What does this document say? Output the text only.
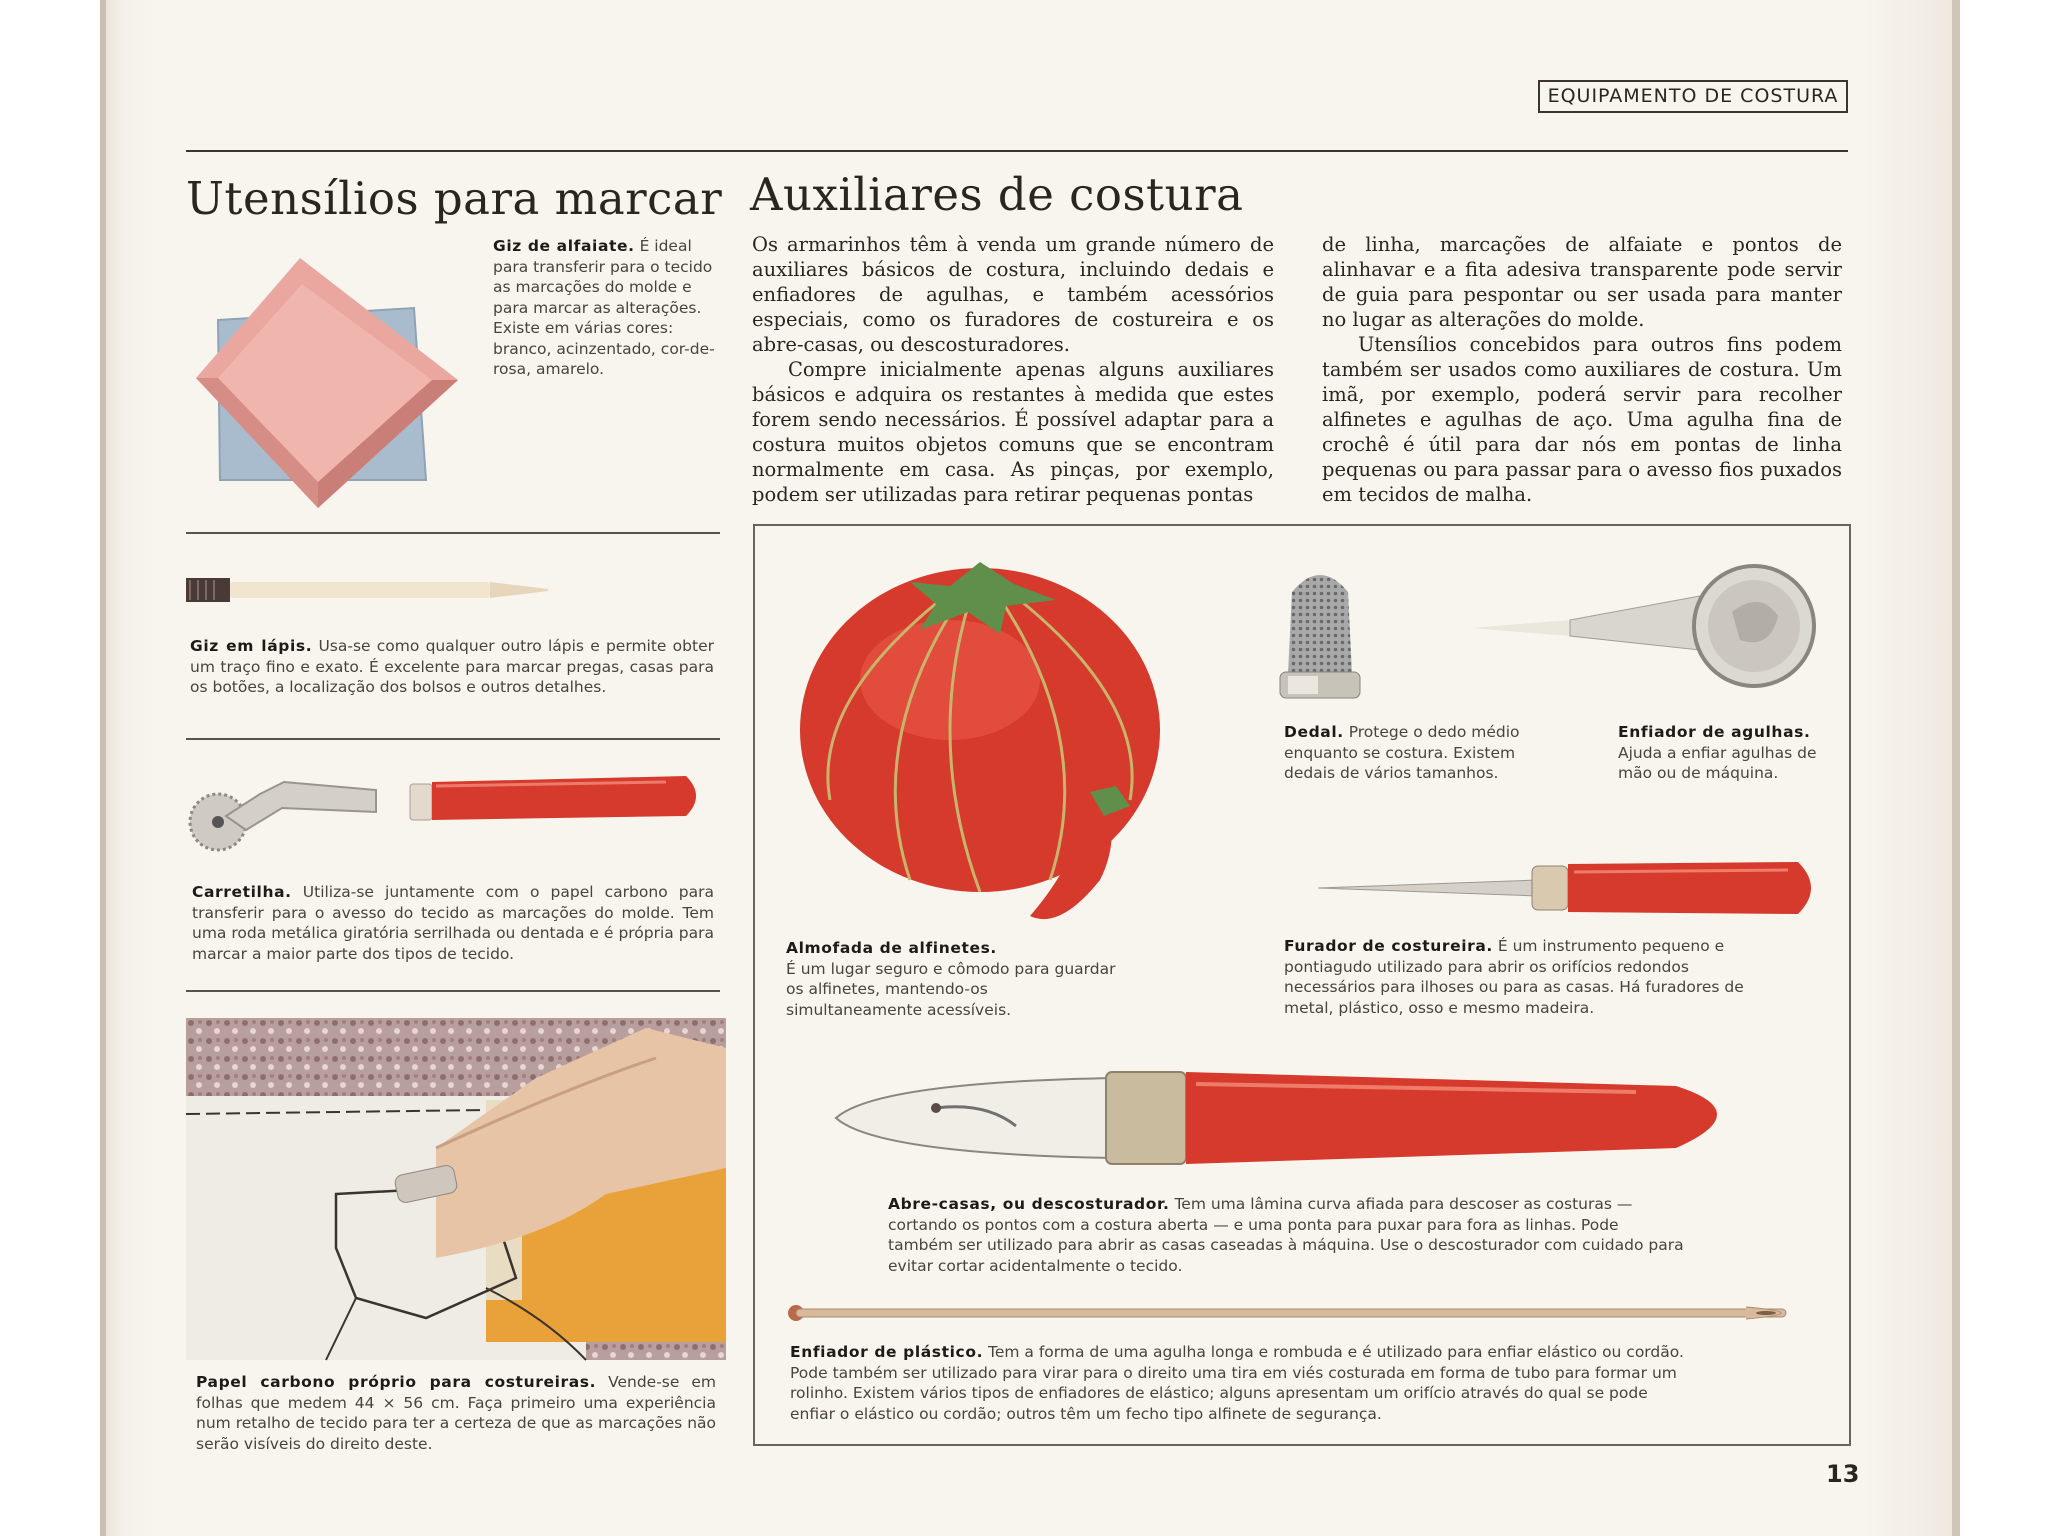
EQUIPAMENTO DE COSTURA
Utensílios para marcar Auxiliares de costura
Giz de alfaiate. É ideal para transferir para o tecido as marcações do molde e para marcar as alterações. Existe em várias cores: branco, acinzentado, cor-de-rosa, amarelo.
Giz em lápis. Usa-se como qualquer outro lápis e permite obter um traço fino e exato. É excelente para marcar pregas, casas para os botões, a localização dos bolsos e outros detalhes.
Carretilha. Utiliza-se juntamente com o papel carbono para transferir para o avesso do tecido as marcações do molde. Tem uma roda metálica giratória serrilhada ou dentada e é própria para marcar a maior parte dos tipos de tecido.
Papel carbono próprio para costureiras. Vende-se em folhas que medem 44 × 56 cm. Faça primeiro uma experiência num retalho de tecido para ter a certeza de que as marcações não serão visíveis do direito deste.

Os armarinhos têm à venda um grande número de auxiliares básicos de costura, incluindo dedais e enfiadores de agulhas, e também acessórios especiais, como os furadores de costureira e os abre-casas, ou descosturadores.

Compre inicialmente apenas alguns auxiliares básicos e adquira os restantes à medida que estes forem sendo necessários. É possível adaptar para a costura muitos objetos comuns que se encontram normalmente em casa. As pinças, por exemplo, podem ser utilizadas para retirar pequenas pontas

de linha, marcações de alfaiate e pontos de alinhavar e a fita adesiva transparente pode servir de guia para pespontar ou ser usada para manter no lugar as alterações do molde.

Utensílios concebidos para outros fins podem também ser usados como auxiliares de costura. Um imã, por exemplo, poderá servir para recolher alfinetes e agulhas de aço. Uma agulha fina de crochê é útil para dar nós em pontas de linha pequenas ou para passar para o avesso fios puxados em tecidos de malha.

Almofada de alfinetes.
É um lugar seguro e cômodo para guardar os alfinetes, mantendo-os simultaneamente acessíveis.
Dedal. Protege o dedo médio enquanto se costura. Existem dedais de vários tamanhos.
Enfiador de agulhas.
Ajuda a enfiar agulhas de mão ou de máquina.
Furador de costureira. É um instrumento pequeno e pontiagudo utilizado para abrir os orifícios redondos necessários para ilhoses ou para as casas. Há furadores de metal, plástico, osso e mesmo madeira.
Abre-casas, ou descosturador. Tem uma lâmina curva afiada para descoser as costuras — cortando os pontos com a costura aberta — e uma ponta para puxar para fora as linhas. Pode também ser utilizado para abrir as casas caseadas à máquina. Use o descosturador com cuidado para evitar cortar acidentalmente o tecido.
Enfiador de plástico. Tem a forma de uma agulha longa e rombuda e é utilizado para enfiar elástico ou cordão. Pode também ser utilizado para virar para o direito uma tira em viés costurada em forma de tubo para formar um rolinho. Existem vários tipos de enfiadores de elástico; alguns apresentam um orifício através do qual se pode enfiar o elástico ou cordão; outros têm um fecho tipo alfinete de segurança.
13
